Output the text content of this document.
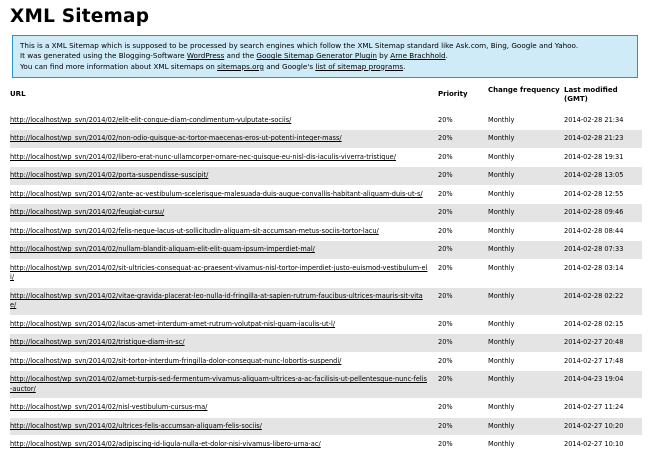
XML Sitemap
This is a XML Sitemap which is supposed to be processed by search engines which follow the XML Sitemap standard like Ask.com, Bing, Google and Yahoo.
It was generated using the Blogging-Software WordPress and the Google Sitemap Generator Plugin by Arne Brachhold.
You can find more information about XML sitemaps on sitemaps.org and Google's list of sitemap programs.
URL	Priority	Change frequency	Last modified (GMT)
http://localhost/wp_svn/2014/02/elit-elit-conque-diam-condimentum-vulputate-sociis/	20%	Monthly	2014-02-28 21:34
http://localhost/wp_svn/2014/02/non-odio-quisque-ac-tortor-maecenas-eros-ut-potenti-integer-mass/	20%	Monthly	2014-02-28 21:23
http://localhost/wp_svn/2014/02/libero-erat-nunc-ullamcorper-ornare-nec-quisque-eu-nisl-dis-iaculis-viverra-tristique/	20%	Monthly	2014-02-28 19:31
http://localhost/wp_svn/2014/02/porta-suspendisse-suscipit/	20%	Monthly	2014-02-28 13:05
http://localhost/wp_svn/2014/02/ante-ac-vestibulum-scelerisque-malesuada-duis-augue-convallis-habitant-aliquam-duis-ut-s/	20%	Monthly	2014-02-28 12:55
http://localhost/wp_svn/2014/02/feugiat-cursu/	20%	Monthly	2014-02-28 09:46
http://localhost/wp_svn/2014/02/felis-neque-lacus-ut-sollicitudin-aliquam-sit-accumsan-metus-sociis-tortor-lacu/	20%	Monthly	2014-02-28 08:44
http://localhost/wp_svn/2014/02/nullam-blandit-aliquam-elit-elit-quam-ipsum-imperdiet-mal/	20%	Monthly	2014-02-28 07:33
http://localhost/wp_svn/2014/02/sit-ultricies-consequat-ac-praesent-vivamus-nisl-tortor-imperdiet-justo-euismod-vestibulum-eli/	20%	Monthly	2014-02-28 03:14
http://localhost/wp_svn/2014/02/vitae-gravida-placerat-leo-nulla-id-fringilla-at-sapien-rutrum-faucibus-ultrices-mauris-sit-vitae/	20%	Monthly	2014-02-28 02:22
http://localhost/wp_svn/2014/02/lacus-amet-interdum-amet-rutrum-volutpat-nisl-quam-iaculis-ut-l/	20%	Monthly	2014-02-28 02:15
http://localhost/wp_svn/2014/02/tristique-diam-in-sc/	20%	Monthly	2014-02-27 20:48
http://localhost/wp_svn/2014/02/sit-tortor-interdum-fringilla-dolor-consequat-nunc-lobortis-suspendi/	20%	Monthly	2014-02-27 17:48
http://localhost/wp_svn/2014/02/amet-turpis-sed-fermentum-vivamus-aliquam-ultrices-a-ac-facilisis-ut-pellentesque-nunc-felis-auctor/	20%	Monthly	2014-04-23 19:04
http://localhost/wp_svn/2014/02/nisl-vestibulum-cursus-ma/	20%	Monthly	2014-02-27 11:24
http://localhost/wp_svn/2014/02/ultrices-felis-accumsan-aliquam-felis-sociis/	20%	Monthly	2014-02-27 10:20
http://localhost/wp_svn/2014/02/adipiscing-id-ligula-nulla-et-dolor-nisi-vivamus-libero-urna-ac/	20%	Monthly	2014-02-27 10:10
